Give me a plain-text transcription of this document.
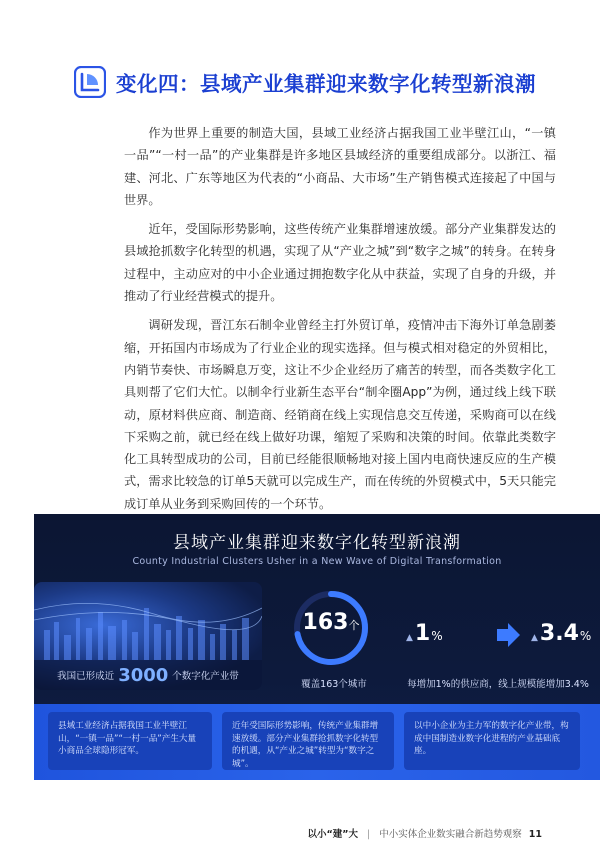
变化四：县域产业集群迎来数字化转型新浪潮

作为世界上重要的制造大国，县域工业经济占据我国工业半壁江山，“一镇一品”“一村一品”的产业集群是许多地区县域经济的重要组成部分。以浙江、福建、河北、广东等地区为代表的“小商品、大市场”生产销售模式连接起了中国与世界。

近年，受国际形势影响，这些传统产业集群增速放缓。部分产业集群发达的县域抢抓数字化转型的机遇，实现了从“产业之城”到“数字之城”的转身。在转身过程中，主动应对的中小企业通过拥抱数字化从中获益，实现了自身的升级，并推动了行业经营模式的提升。

调研发现，晋江东石制伞业曾经主打外贸订单，疫情冲击下海外订单急剧萎缩，开拓国内市场成为了行业企业的现实选择。但与模式相对稳定的外贸相比，内销节奏快、市场瞬息万变，这让不少企业经历了痛苦的转型，而各类数字化工具则帮了它们大忙。以制伞行业新生态平台“制伞圈App”为例，通过线上线下联动，原材料供应商、制造商、经销商在线上实现信息交互传递，采购商可以在线下采购之前，就已经在线上做好功课，缩短了采购和决策的时间。依靠此类数字化工具转型成功的公司，目前已经能很顺畅地对接上国内电商快速反应的生产模式，需求比较急的订单5天就可以完成生产，而在传统的外贸模式中，5天只能完成订单从业务到采购回传的一个环节。

县域产业集群迎来数字化转型新浪潮
County Industrial Clusters Usher in a New Wave of Digital Transformation
我国已形成近 3000 个数字化产业带
163个
覆盖163个城市
▲ 1 %	▲ 3.4 %
每增加1%的供应商，线上规模能增加3.4%
县域工业经济占据我国工业半壁江山，“一镇一品”“一村一品”产生大量小商品全球隐形冠军。
近年受国际形势影响，传统产业集群增速放缓。部分产业集群抢抓数字化转型的机遇，从“产业之城”转型为“数字之城”。
以中小企业为主力军的数字化产业带，构成中国制造业数字化进程的产业基础底座。
以小“建”大 | 中小实体企业数实融合新趋势观察 11
